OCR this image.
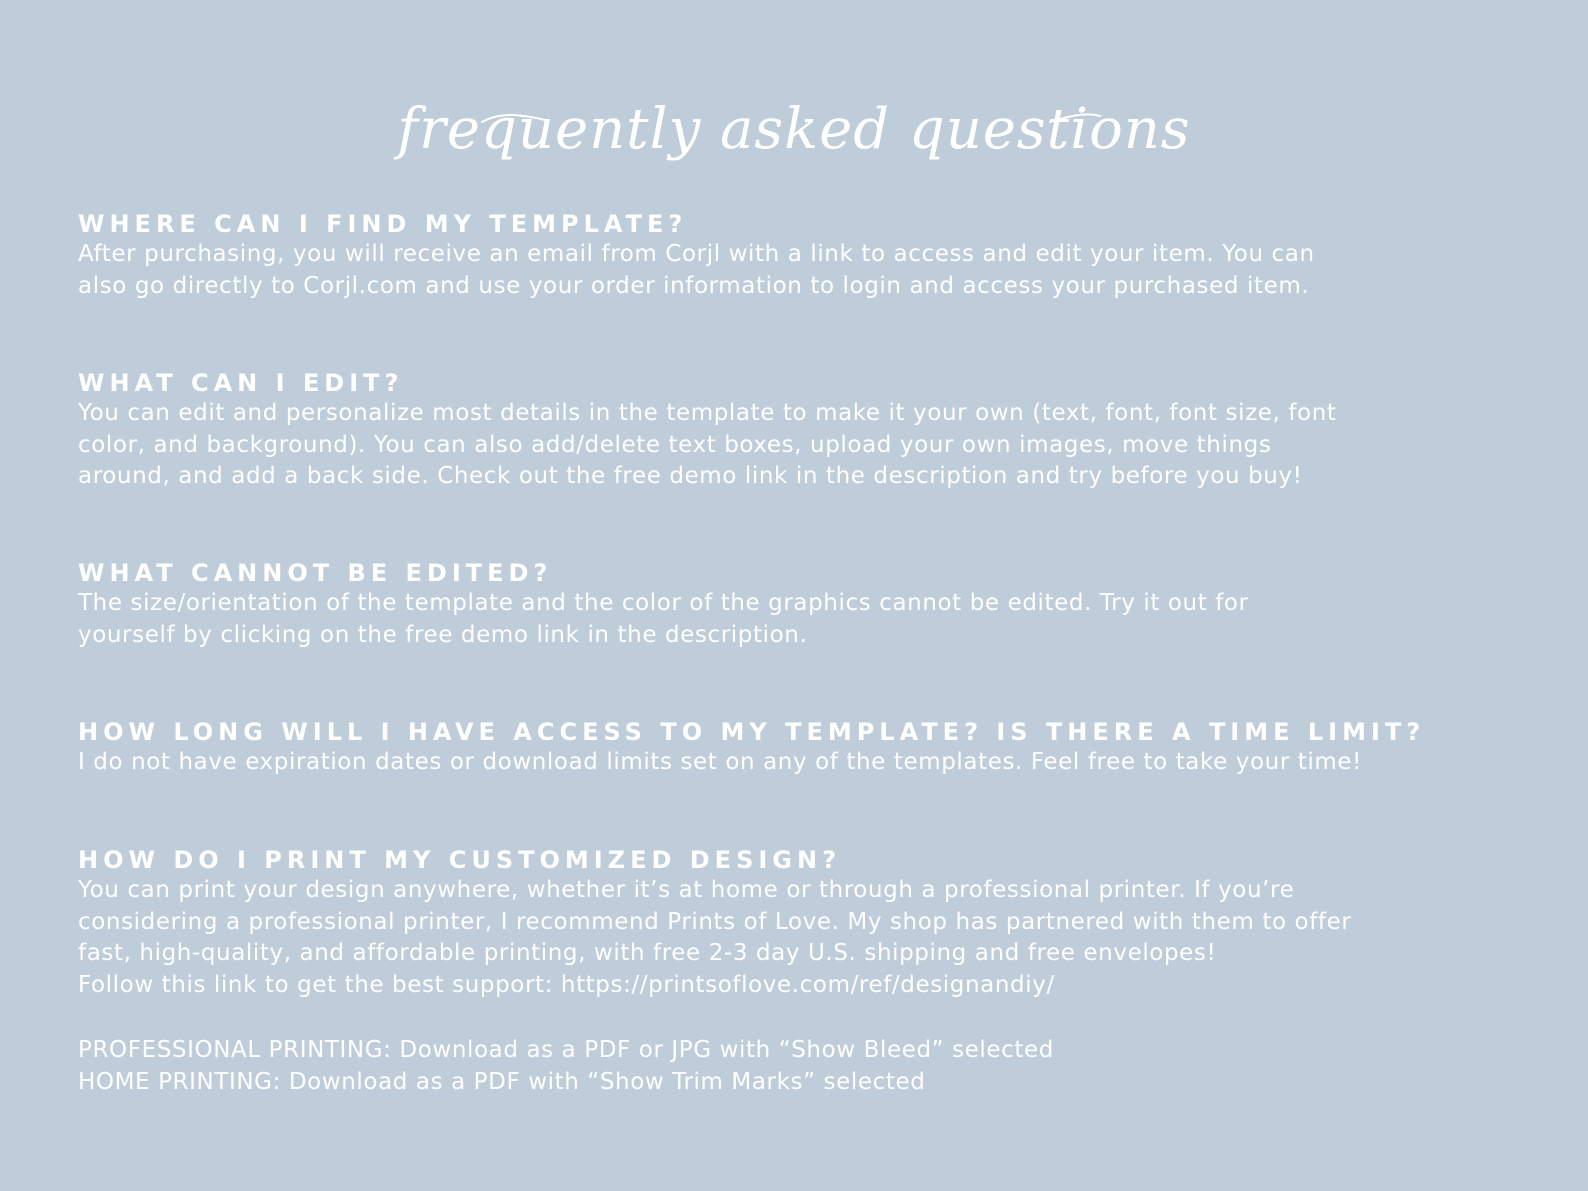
frequently asked questions
WHERE CAN I FIND MY TEMPLATE?
After purchasing, you will receive an email from Corjl with a link to access and edit your item. You can
also go directly to Corjl.com and use your order information to login and access your purchased item.
WHAT CAN I EDIT?
You can edit and personalize most details in the template to make it your own (text, font, font size, font
color, and background). You can also add/delete text boxes, upload your own images, move things
around, and add a back side. Check out the free demo link in the description and try before you buy!
WHAT CANNOT BE EDITED?
The size/orientation of the template and the color of the graphics cannot be edited. Try it out for
yourself by clicking on the free demo link in the description.
HOW LONG WILL I HAVE ACCESS TO MY TEMPLATE? IS THERE A TIME LIMIT?
I do not have expiration dates or download limits set on any of the templates. Feel free to take your time!
HOW DO I PRINT MY CUSTOMIZED DESIGN?
You can print your design anywhere, whether it’s at home or through a professional printer. If you’re
considering a professional printer, I recommend Prints of Love. My shop has partnered with them to offer
fast, high-quality, and affordable printing, with free 2-3 day U.S. shipping and free envelopes!
Follow this link to get the best support: https://printsoflove.com/ref/designandiy/
PROFESSIONAL PRINTING: Download as a PDF or JPG with “Show Bleed” selected
HOME PRINTING: Download as a PDF with “Show Trim Marks” selected
